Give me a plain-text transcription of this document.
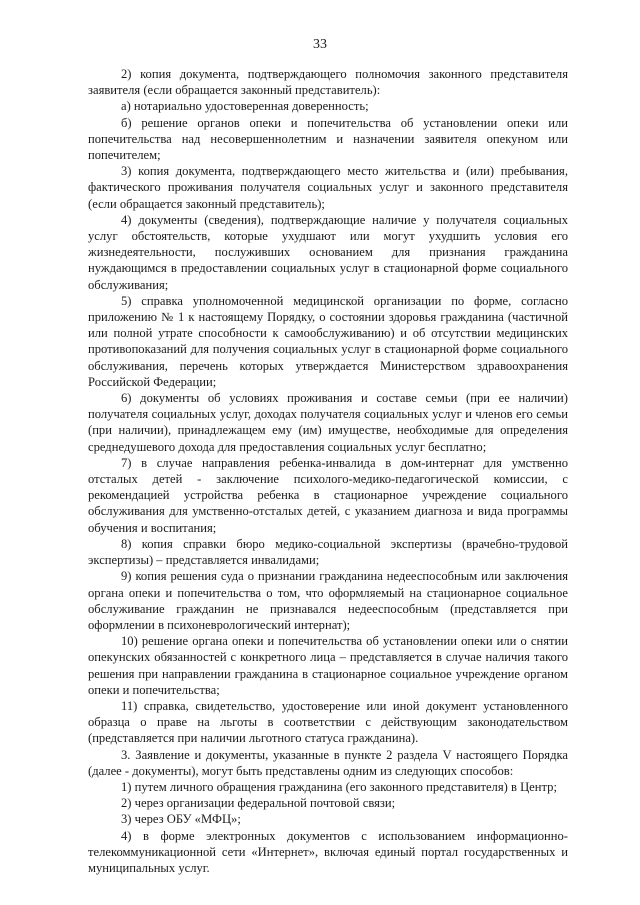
33

2) копия документа, подтверждающего полномочия законного представителя заявителя (если обращается законный представитель):

а) нотариально удостоверенная доверенность;

б) решение органов опеки и попечительства об установлении опеки или попечительства над несовершеннолетним и назначении заявителя опекуном или попечителем;

3) копия документа, подтверждающего место жительства и (или) пребывания, фактического проживания получателя социальных услуг и законного представителя (если обращается законный представитель);

4) документы (сведения), подтверждающие наличие у получателя социальных услуг обстоятельств, которые ухудшают или могут ухудшить условия его жизнедеятельности, послуживших основанием для признания гражданина нуждающимся в предоставлении социальных услуг в стационарной форме социального обслуживания;

5) справка уполномоченной медицинской организации по форме, согласно приложению № 1 к настоящему Порядку, о состоянии здоровья гражданина (частичной или полной утрате способности к самообслуживанию) и об отсутствии медицинских противопоказаний для получения социальных услуг в стационарной форме социального обслуживания, перечень которых утверждается Министерством здравоохранения Российской Федерации;

6) документы об условиях проживания и составе семьи (при ее наличии) получателя социальных услуг, доходах получателя социальных услуг и членов его семьи (при наличии), принадлежащем ему (им) имуществе, необходимые для определения среднедушевого дохода для предоставления социальных услуг бесплатно;

7) в случае направления ребенка-инвалида в дом-интернат для умственно отсталых детей - заключение психолого-медико-педагогической комиссии, с рекомендацией устройства ребенка в стационарное учреждение социального обслуживания для умственно-отсталых детей, с указанием диагноза и вида программы обучения и воспитания;

8) копия справки бюро медико-социальной экспертизы (врачебно-трудовой экспертизы) – представляется инвалидами;

9) копия решения суда о признании гражданина недееспособным или заключения органа опеки и попечительства о том, что оформляемый на стационарное социальное обслуживание гражданин не признавался недееспособным (представляется при оформлении в психоневрологический интернат);

10) решение органа опеки и попечительства об установлении опеки или о снятии опекунских обязанностей с конкретного лица – представляется в случае наличия такого решения при направлении гражданина в стационарное социальное учреждение органом опеки и попечительства;

11) справка, свидетельство, удостоверение или иной документ установленного образца о праве на льготы в соответствии с действующим законодательством (представляется при наличии льготного статуса гражданина).

3. Заявление и документы, указанные в пункте 2 раздела V настоящего Порядка (далее - документы), могут быть представлены одним из следующих способов:

1) путем личного обращения гражданина (его законного представителя) в Центр;

2) через организации федеральной почтовой связи;

3) через ОБУ «МФЦ»;

4) в форме электронных документов с использованием информационно-телекоммуникационной сети «Интернет», включая единый портал государственных и муниципальных услуг.
